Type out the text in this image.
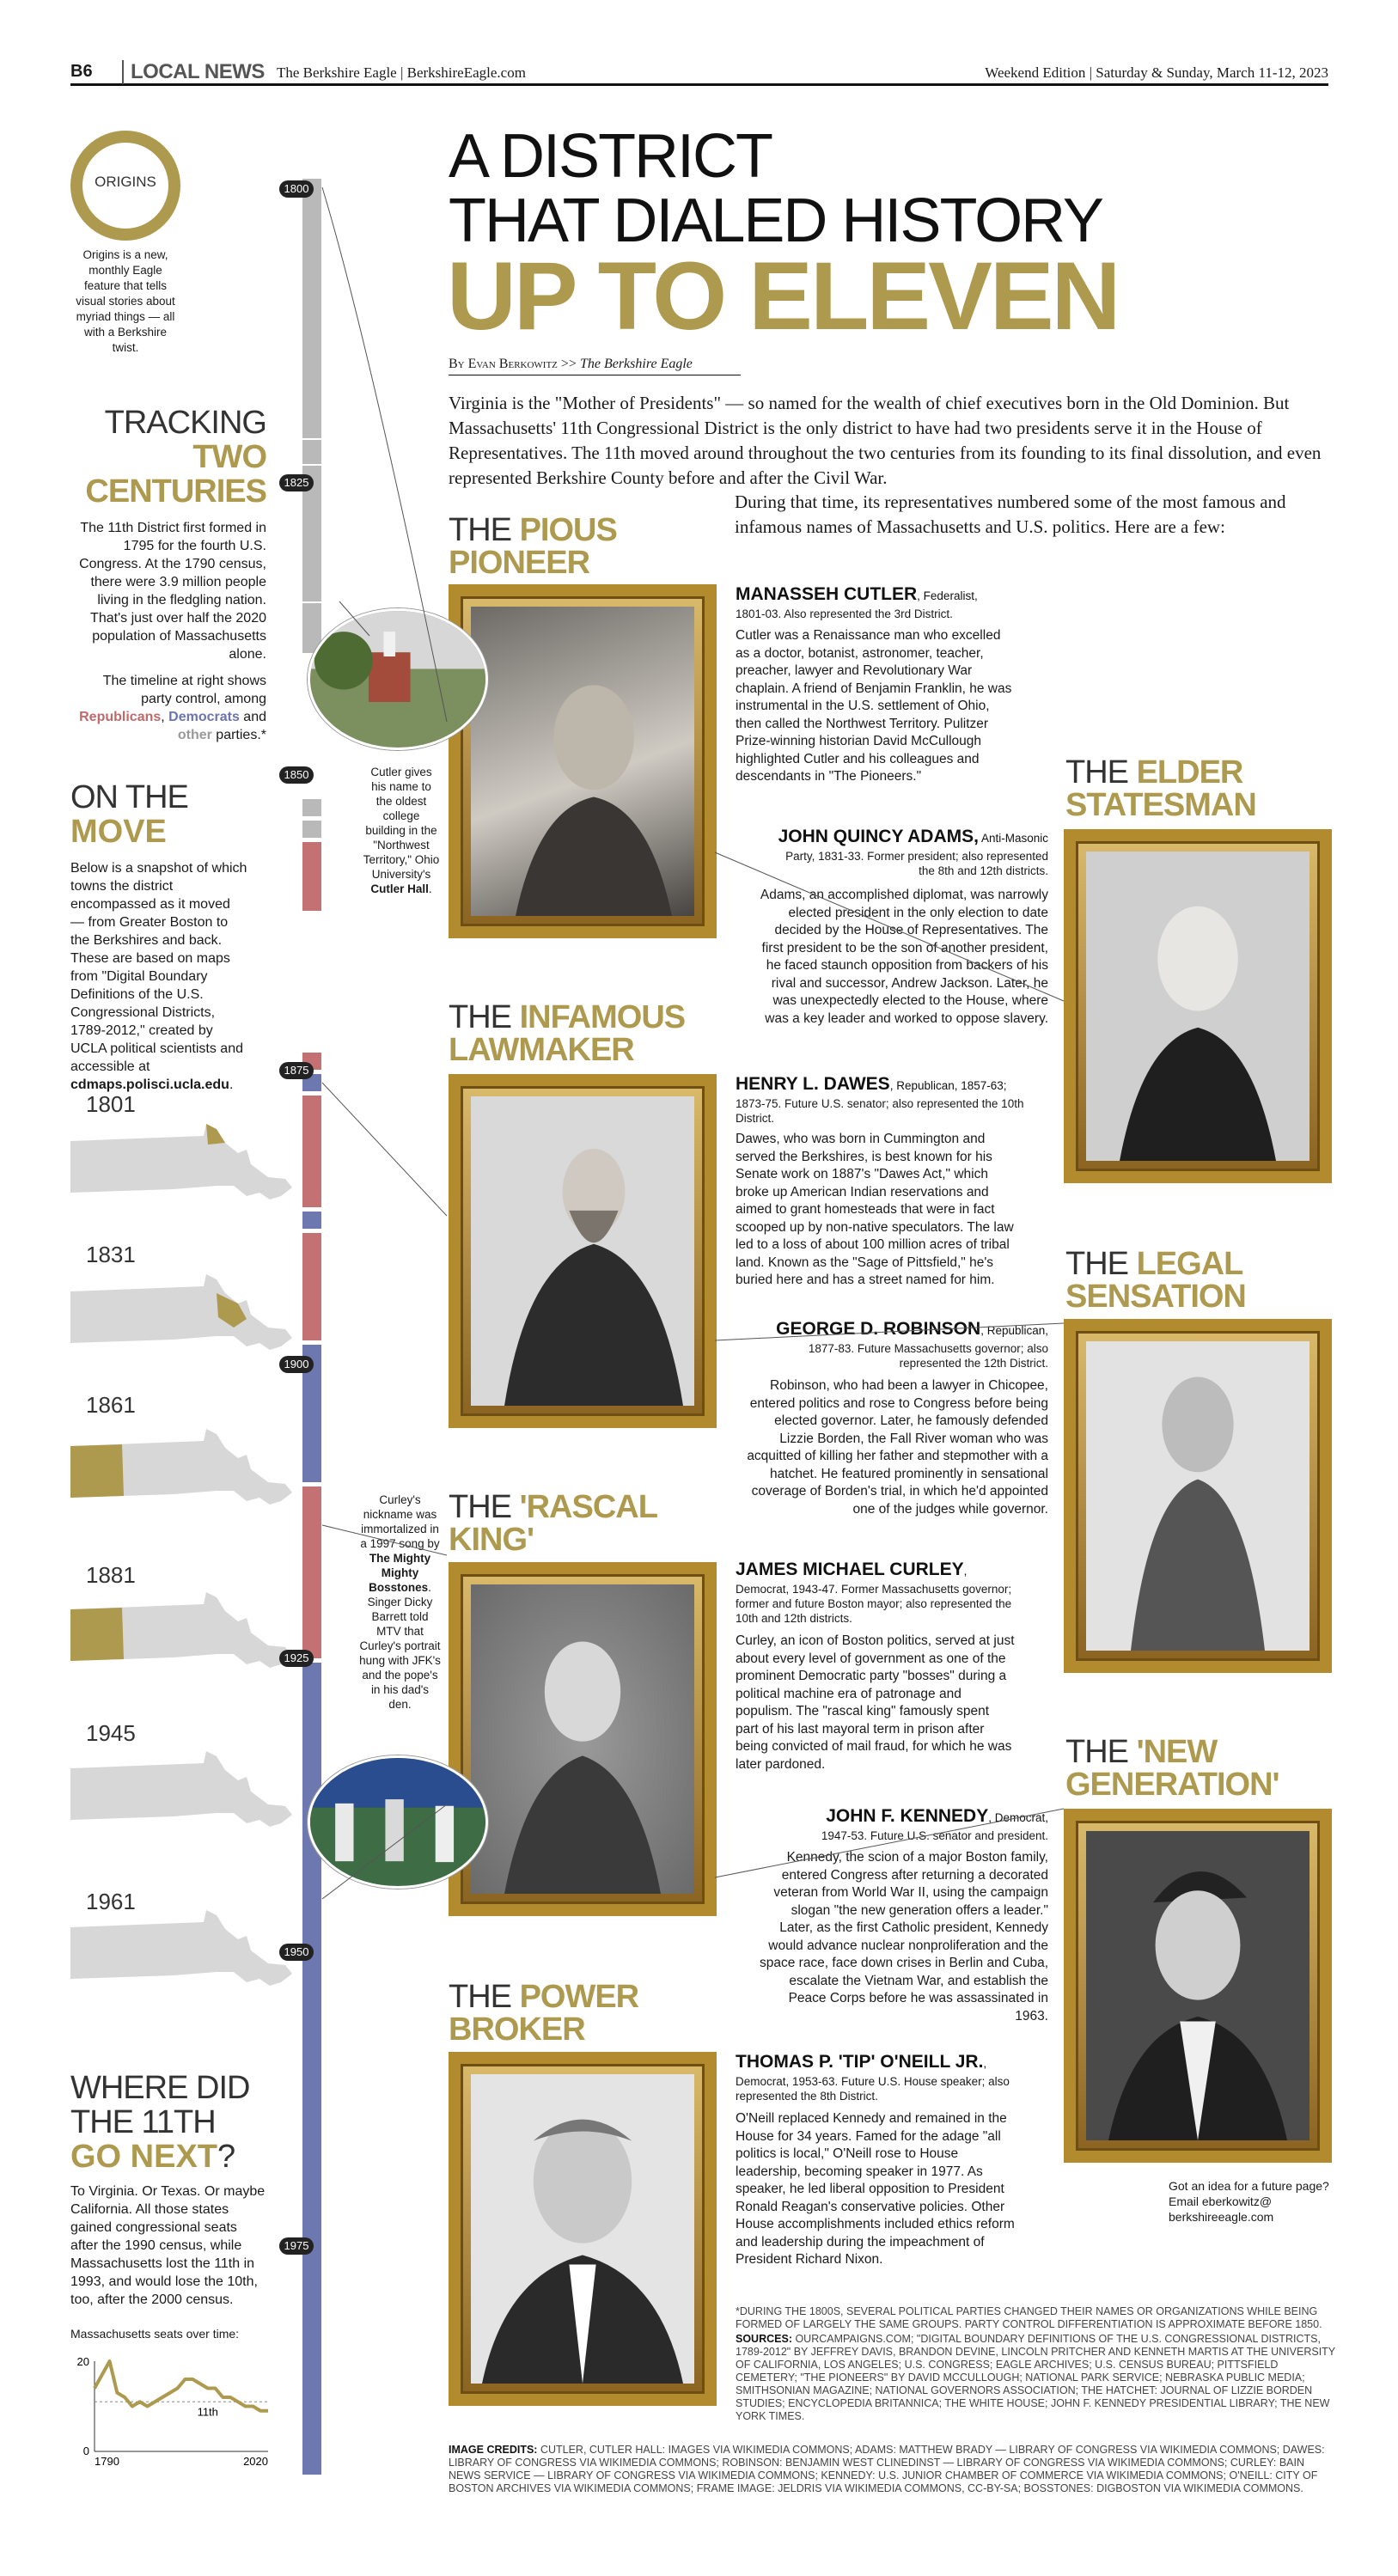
B6	LOCAL NEWS The Berkshire Eagle | BerkshireEagle.com	Weekend Edition | Saturday & Sunday, March 11-12, 2023
ORIGINS
Origins is a new, monthly Eagle feature that tells visual stories about myriad things — all with a Berkshire twist.
TRACKING
TWO
CENTURIES

The 11th District first formed in 1795 for the fourth U.S. Congress. At the 1790 census, there were 3.9 million people living in the fledgling nation. That's just over half the 2020 population of Massachusetts alone.

The timeline at right shows party control, among Republicans, Democrats and other parties.*

ON THE
MOVE
Below is a snapshot of which towns the district encompassed as it moved — from Greater Boston to the Berkshires and back. These are based on maps from "Digital Boundary Definitions of the U.S. Congressional Districts, 1789-2012," created by UCLA political scientists and accessible at cdmaps.polisci.ucla.edu.
1801
1831
1861
1881
1945
1961
WHERE DID
THE 11TH
GO NEXT?
To Virginia. Or Texas. Or maybe California. All those states gained congressional seats after the 1990 census, while Massachusetts lost the 11th in 1993, and would lose the 10th, too, after the 2000 census.
Massachusetts seats over time:
20
0
1790	2020
11th
1800
1825
1850
1875
1900
1925
1950
1975
A DISTRICT
THAT DIALED HISTORY
UP TO ELEVEN
By Evan Berkowitz >> The Berkshire Eagle
Virginia is the "Mother of Presidents" — so named for the wealth of chief executives born in the Old Dominion. But Massachusetts' 11th Congressional District is the only district to have had two presidents serve it in the House of Representatives. The 11th moved around throughout the two centuries from its founding to its final dissolution, and even represented Berkshire County before and after the Civil War.
During that time, its representatives numbered some of the most famous and infamous names of Massachusetts and U.S. politics. Here are a few:
THE PIOUS
PIONEER
THE ELDER
STATESMAN
THE INFAMOUS
LAWMAKER
THE LEGAL
SENSATION
THE 'RASCAL
KING'
THE 'NEW
GENERATION'
THE POWER
BROKER
MANASSEH CUTLER, Federalist,
1801-03. Also represented the 3rd District.
Cutler was a Renaissance man who excelled as a doctor, botanist, astronomer, teacher, preacher, lawyer and Revolutionary War chaplain. A friend of Benjamin Franklin, he was instrumental in the U.S. settlement of Ohio, then called the Northwest Territory. Pulitzer Prize-winning historian David McCullough highlighted Cutler and his colleagues and descendants in "The Pioneers."
JOHN QUINCY ADAMS, Anti-Masonic
Party, 1831-33. Former president; also represented the 8th and 12th districts.
Adams, an accomplished diplomat, was narrowly elected president in the only election to date decided by the House of Representatives. The first president to be the son of another president, he faced staunch opposition from backers of his rival and successor, Andrew Jackson. Later, he was unexpectedly elected to the House, where was a key leader and worked to oppose slavery.
HENRY L. DAWES, Republican, 1857-63;
1873-75. Future U.S. senator; also represented the 10th District.
Dawes, who was born in Cummington and served the Berkshires, is best known for his Senate work on 1887's "Dawes Act," which broke up American Indian reservations and aimed to grant homesteads that were in fact scooped up by non-native speculators. The law led to a loss of about 100 million acres of tribal land. Known as the "Sage of Pittsfield," he's buried here and has a street named for him.
GEORGE D. ROBINSON, Republican,
1877-83. Future Massachusetts governor; also represented the 12th District.
Robinson, who had been a lawyer in Chicopee, entered politics and rose to Congress before being elected governor. Later, he famously defended Lizzie Borden, the Fall River woman who was acquitted of killing her father and stepmother with a hatchet. He featured prominently in sensational coverage of Borden's trial, in which he'd appointed one of the judges while governor.
JAMES MICHAEL CURLEY,
Democrat, 1943-47. Former Massachusetts governor; former and future Boston mayor; also represented the 10th and 12th districts.
Curley, an icon of Boston politics, served at just about every level of government as one of the prominent Democratic party "bosses" during a political machine era of patronage and populism. The "rascal king" famously spent part of his last mayoral term in prison after being convicted of mail fraud, for which he was later pardoned.
JOHN F. KENNEDY, Democrat,
1947-53. Future U.S. senator and president.
Kennedy, the scion of a major Boston family, entered Congress after returning a decorated veteran from World War II, using the campaign slogan "the new generation offers a leader." Later, as the first Catholic president, Kennedy would advance nuclear nonproliferation and the space race, face down crises in Berlin and Cuba, escalate the Vietnam War, and establish the Peace Corps before he was assassinated in 1963.
THOMAS P. 'TIP' O'NEILL JR.,
Democrat, 1953-63. Future U.S. House speaker; also represented the 8th District.
O'Neill replaced Kennedy and remained in the House for 34 years. Famed for the adage "all politics is local," O'Neill rose to House leadership, becoming speaker in 1977. As speaker, he led liberal opposition to President Ronald Reagan's conservative policies. Other House accomplishments included ethics reform and leadership during the impeachment of President Richard Nixon.
Cutler gives his name to the oldest college building in the "Northwest Territory," Ohio University's Cutler Hall.
Curley's nickname was immortalized in a 1997 song by The Mighty Mighty Bosstones. Singer Dicky Barrett told MTV that Curley's portrait hung with JFK's and the pope's in his dad's den.
Got an idea for a future page? Email eberkowitz@ berkshireeagle.com
*DURING THE 1800S, SEVERAL POLITICAL PARTIES CHANGED THEIR NAMES OR ORGANIZATIONS WHILE BEING FORMED OF LARGELY THE SAME GROUPS. PARTY CONTROL DIFFERENTIATION IS APPROXIMATE BEFORE 1850.
SOURCES: OURCAMPAIGNS.COM; "DIGITAL BOUNDARY DEFINITIONS OF THE U.S. CONGRESSIONAL DISTRICTS, 1789-2012" BY JEFFREY DAVIS, BRANDON DEVINE, LINCOLN PRITCHER AND KENNETH MARTIS AT THE UNIVERSITY OF CALIFORNIA, LOS ANGELES; U.S. CONGRESS; EAGLE ARCHIVES; U.S. CENSUS BUREAU; PITTSFIELD CEMETERY; "THE PIONEERS" BY DAVID MCCULLOUGH; NATIONAL PARK SERVICE; NEBRASKA PUBLIC MEDIA; SMITHSONIAN MAGAZINE; NATIONAL GOVERNORS ASSOCIATION; THE HATCHET: JOURNAL OF LIZZIE BORDEN STUDIES; ENCYCLOPEDIA BRITANNICA; THE WHITE HOUSE; JOHN F. KENNEDY PRESIDENTIAL LIBRARY; THE NEW YORK TIMES.
IMAGE CREDITS: CUTLER, CUTLER HALL: IMAGES VIA WIKIMEDIA COMMONS; ADAMS: MATTHEW BRADY — LIBRARY OF CONGRESS VIA WIKIMEDIA COMMONS; DAWES: LIBRARY OF CONGRESS VIA WIKIMEDIA COMMONS; ROBINSON: BENJAMIN WEST CLINEDINST — LIBRARY OF CONGRESS VIA WIKIMEDIA COMMONS; CURLEY: BAIN NEWS SERVICE — LIBRARY OF CONGRESS VIA WIKIMEDIA COMMONS; KENNEDY: U.S. JUNIOR CHAMBER OF COMMERCE VIA WIKIMEDIA COMMONS; O'NEILL: CITY OF BOSTON ARCHIVES VIA WIKIMEDIA COMMONS; FRAME IMAGE: JELDRIS VIA WIKIMEDIA COMMONS, CC-BY-SA; BOSSTONES: DIGBOSTON VIA WIKIMEDIA COMMONS.
